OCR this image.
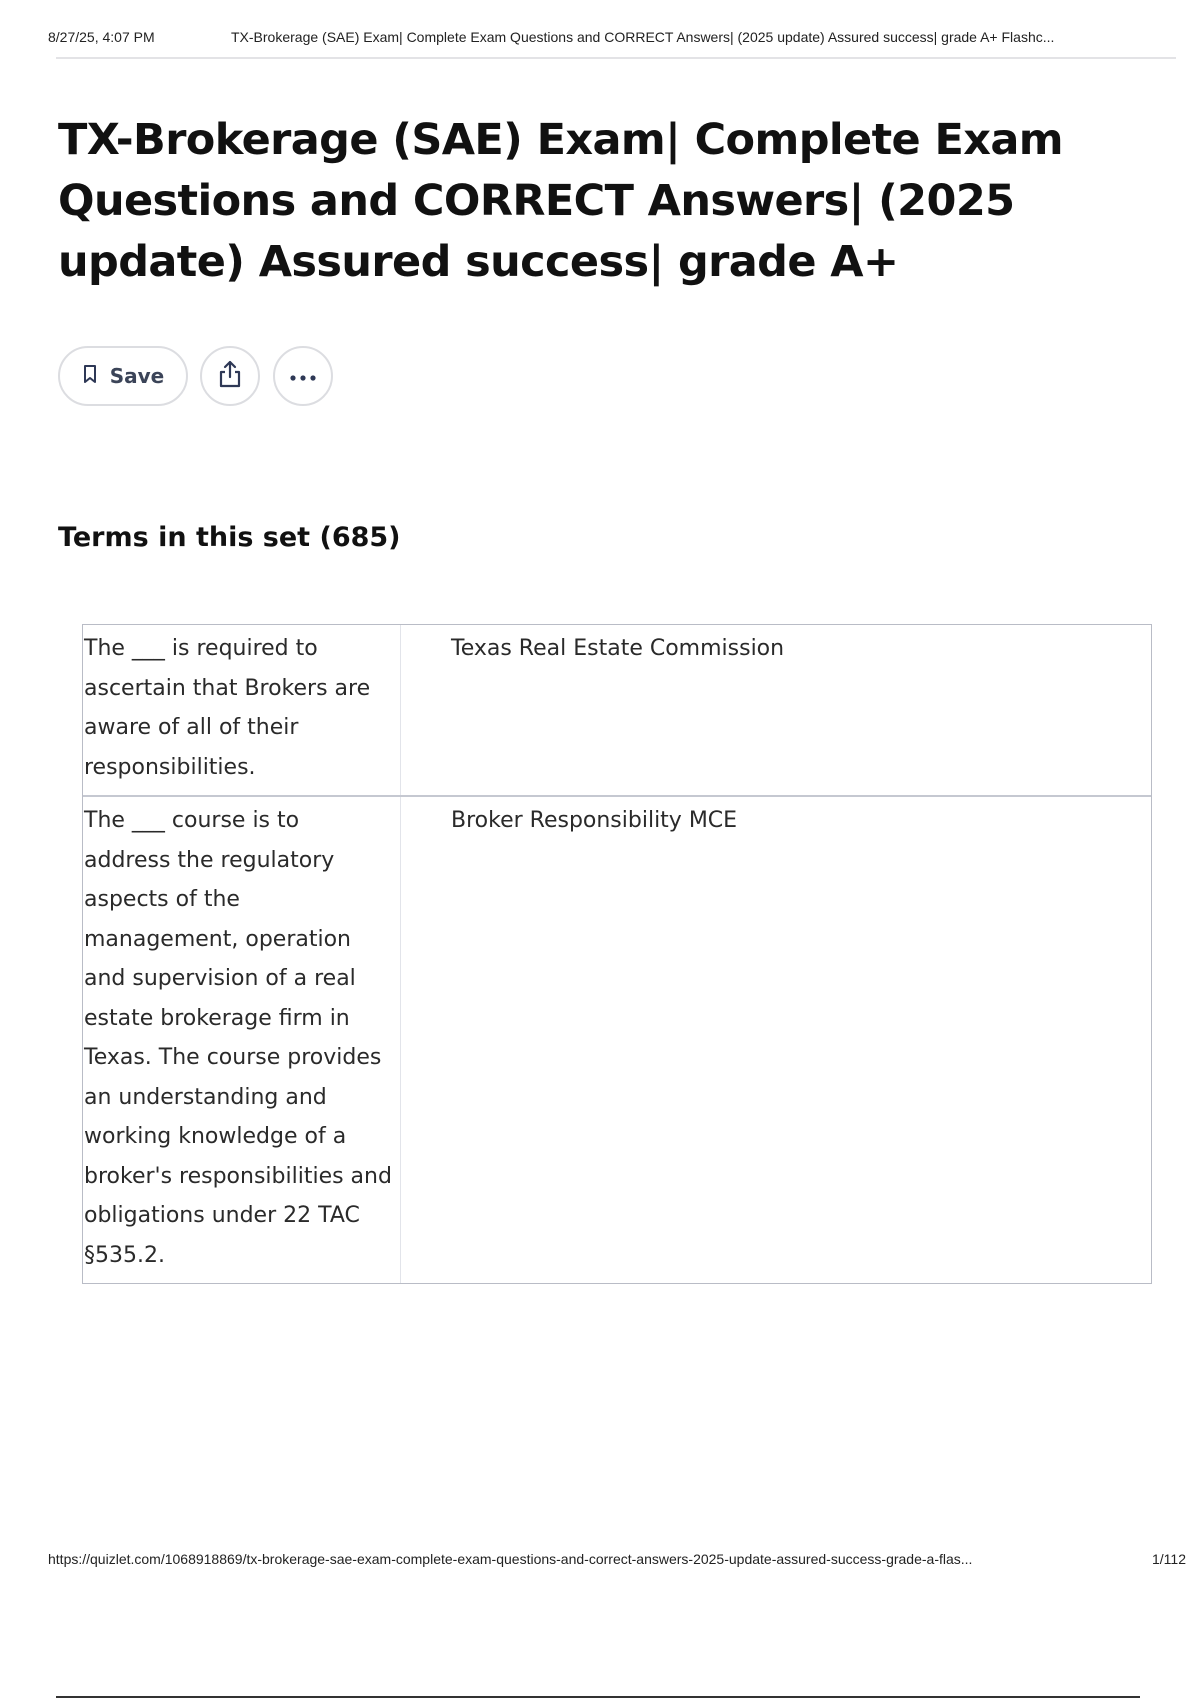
8/27/25, 4:07 PM	TX-Brokerage (SAE) Exam| Complete Exam Questions and CORRECT Answers| (2025 update) Assured success| grade A+ Flashc...
TX-Brokerage (SAE) Exam| Complete Exam Questions and CORRECT Answers| (2025 update) Assured success| grade A+
Save
Terms in this set (685)
The ___ is required to ascertain that Brokers are aware of all of their responsibilities.
Texas Real Estate Commission
The ___ course is to address the regulatory aspects of the management, operation and supervision of a real estate brokerage firm in Texas. The course provides an understanding and working knowledge of a broker's responsibilities and obligations under 22 TAC §535.2.
Broker Responsibility MCE
https://quizlet.com/1068918869/tx-brokerage-sae-exam-complete-exam-questions-and-correct-answers-2025-update-assured-success-grade-a-flas...	1/112
